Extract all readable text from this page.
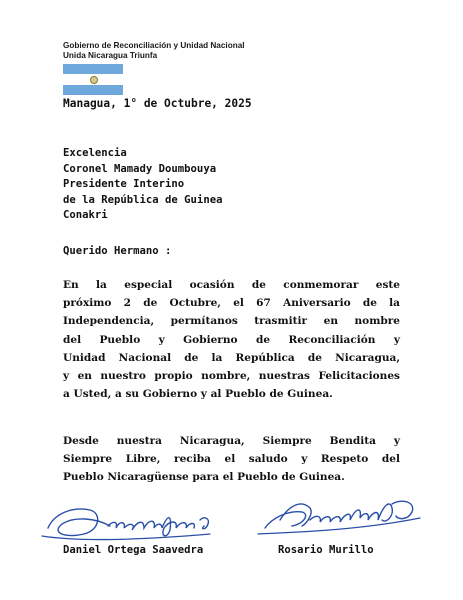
Gobierno de Reconciliación y Unidad Nacional
Unida Nicaragua Triunfa
Managua, 1° de Octubre, 2025
Excelencia
Coronel Mamady Doumbouya
Presidente Interino
de la República de Guinea
Conakri
Querido Hermano :
En la especial ocasión de conmemorar este
próximo 2 de Octubre, el 67 Aniversario de la
Independencia, permítanos trasmitir en nombre
del Pueblo y Gobierno de Reconciliación y
Unidad Nacional de la República de Nicaragua,
y en nuestro propio nombre, nuestras Felicitaciones
a Usted, a su Gobierno y al Pueblo de Guinea.
Desde nuestra Nicaragua, Siempre Bendita y
Siempre Libre, reciba el saludo y Respeto del
Pueblo Nicaragüense para el Pueblo de Guinea.
Daniel Ortega Saavedra	Rosario Murillo
